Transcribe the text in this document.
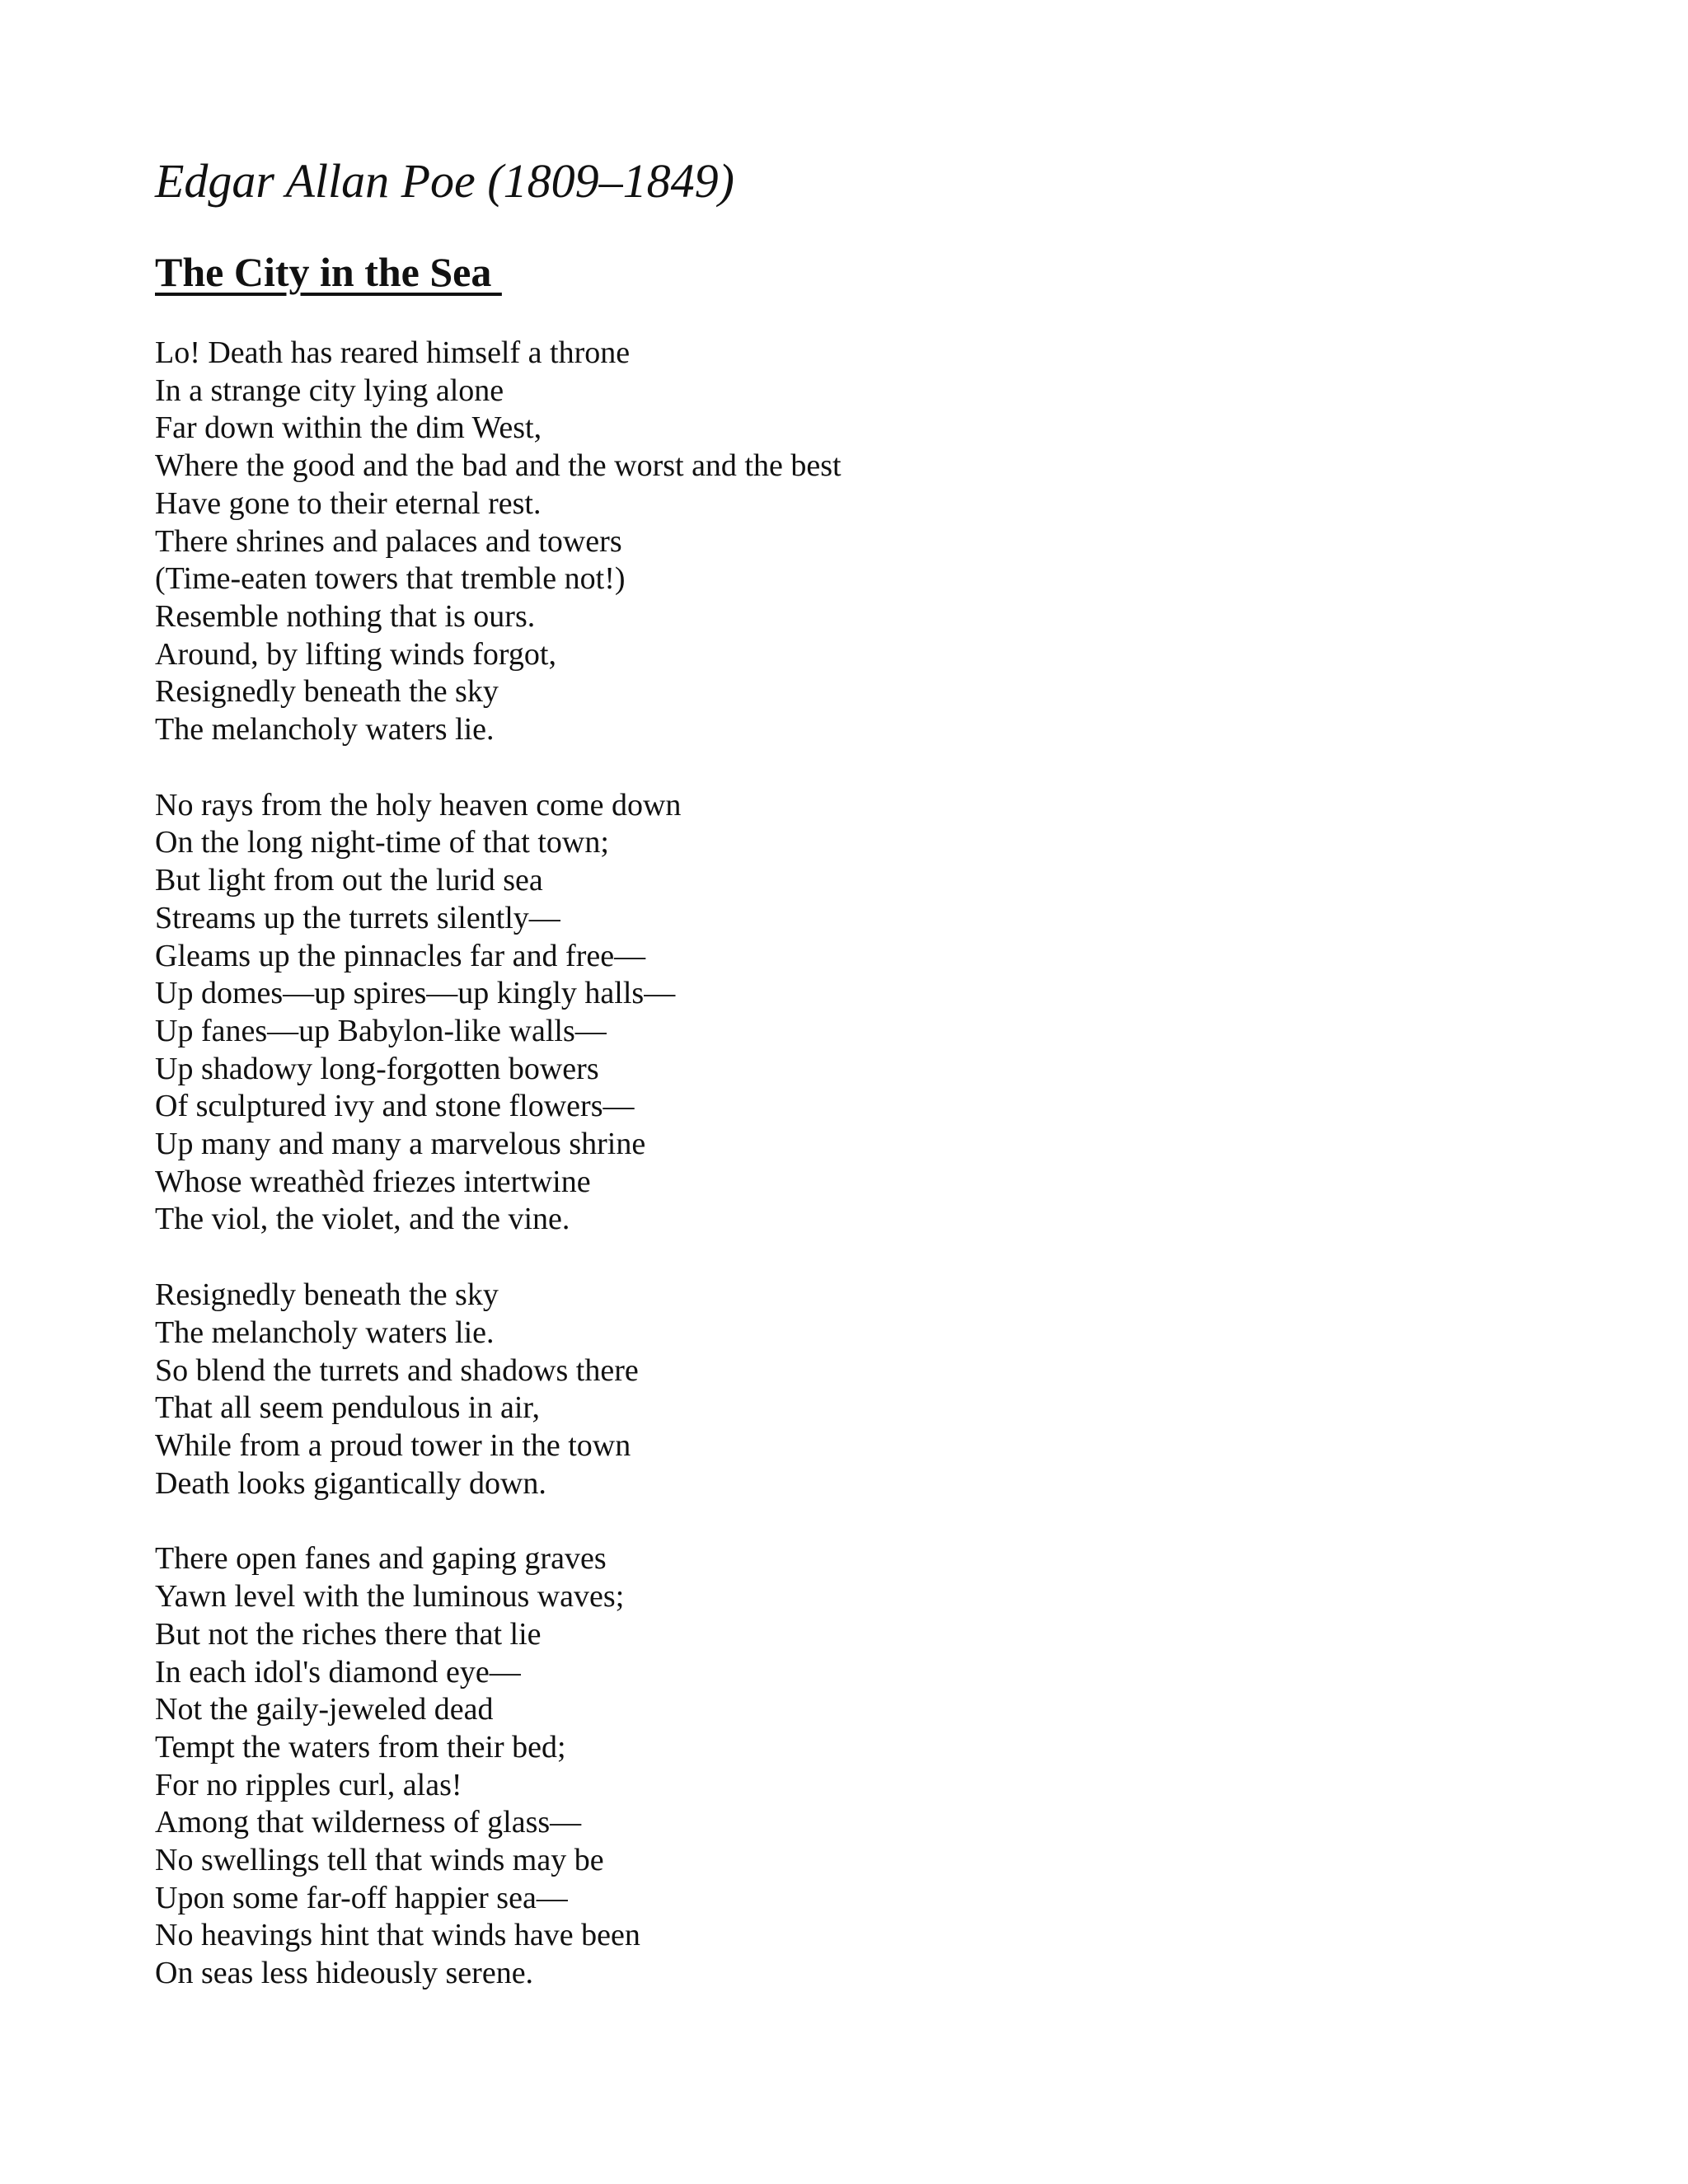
Edgar Allan Poe (1809–1849)
The City in the Sea
Lo! Death has reared himself a throne
In a strange city lying alone
Far down within the dim West,
Where the good and the bad and the worst and the best
Have gone to their eternal rest.
There shrines and palaces and towers
(Time-eaten towers that tremble not!)
Resemble nothing that is ours.
Around, by lifting winds forgot,
Resignedly beneath the sky
The melancholy waters lie.
No rays from the holy heaven come down
On the long night-time of that town;
But light from out the lurid sea
Streams up the turrets silently—
Gleams up the pinnacles far and free—
Up domes—up spires—up kingly halls—
Up fanes—up Babylon-like walls—
Up shadowy long-forgotten bowers
Of sculptured ivy and stone flowers—
Up many and many a marvelous shrine
Whose wreathèd friezes intertwine
The viol, the violet, and the vine.
Resignedly beneath the sky
The melancholy waters lie.
So blend the turrets and shadows there
That all seem pendulous in air,
While from a proud tower in the town
Death looks gigantically down.
There open fanes and gaping graves
Yawn level with the luminous waves;
But not the riches there that lie
In each idol's diamond eye—
Not the gaily-jeweled dead
Tempt the waters from their bed;
For no ripples curl, alas!
Among that wilderness of glass—
No swellings tell that winds may be
Upon some far-off happier sea—
No heavings hint that winds have been
On seas less hideously serene.
